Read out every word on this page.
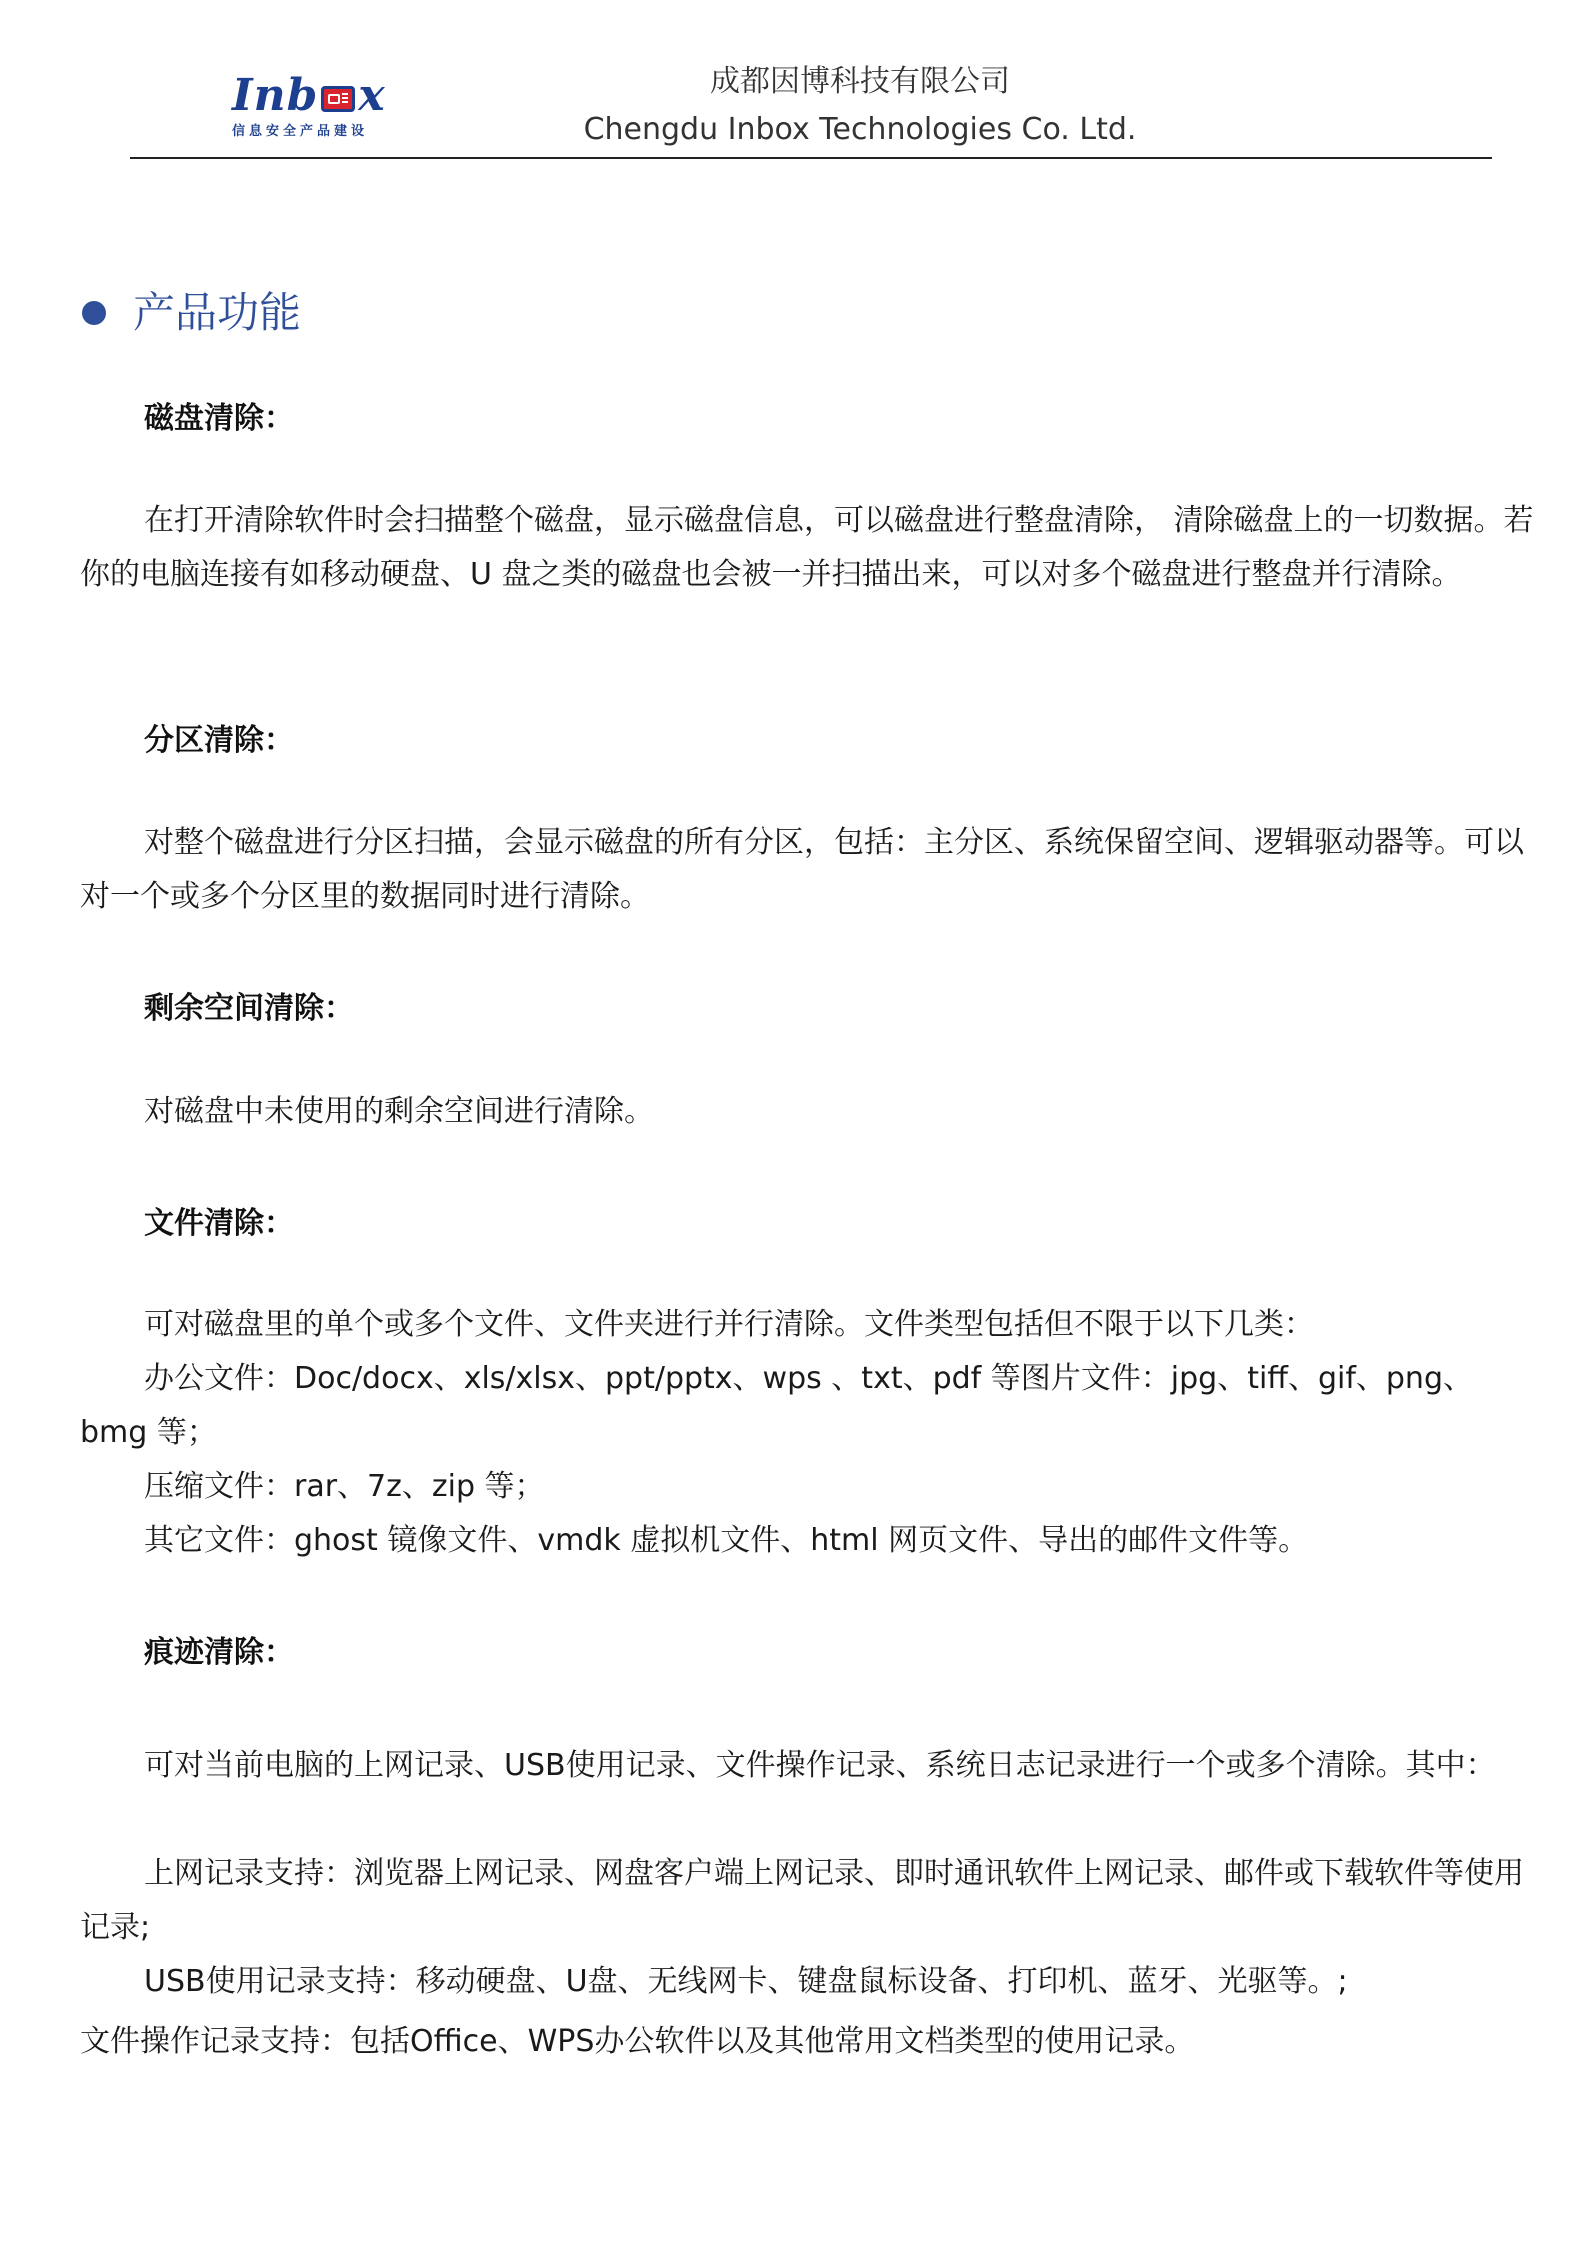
Inb x
信息安全产品建设
成都因博科技有限公司
Chengdu Inbox Technologies Co. Ltd.
产品功能
磁盘清除：

在打开清除软件时会扫描整个磁盘，显示磁盘信息，可以磁盘进行整盘清除， 清除磁盘上的一切数据。若你的电脑连接有如移动硬盘、U 盘之类的磁盘也会被一并扫描出来，可以对多个磁盘进行整盘并行清除。

分区清除：

对整个磁盘进行分区扫描，会显示磁盘的所有分区，包括：主分区、系统保留空间、逻辑驱动器等。可以对一个或多个分区里的数据同时进行清除。

剩余空间清除：

对磁盘中未使用的剩余空间进行清除。

文件清除：

可对磁盘里的单个或多个文件、文件夹进行并行清除。文件类型包括但不限于以下几类：

办公文件：Doc/docx、xls/xlsx、ppt/pptx、wps 、txt、pdf 等图片文件：jpg、tiff、gif、png、bmg 等；

压缩文件：rar、7z、zip 等；

其它文件：ghost 镜像文件、vmdk 虚拟机文件、html 网页文件、导出的邮件文件等。

痕迹清除：

可对当前电脑的上网记录、USB使用记录、文件操作记录、系统日志记录进行一个或多个清除。其中：

上网记录支持：浏览器上网记录、网盘客户端上网记录、即时通讯软件上网记录、邮件或下载软件等使用记录;

USB使用记录支持：移动硬盘、U盘、无线网卡、键盘鼠标设备、打印机、蓝牙、光驱等。;

文件操作记录支持：包括Office、WPS办公软件以及其他常用文档类型的使用记录。
